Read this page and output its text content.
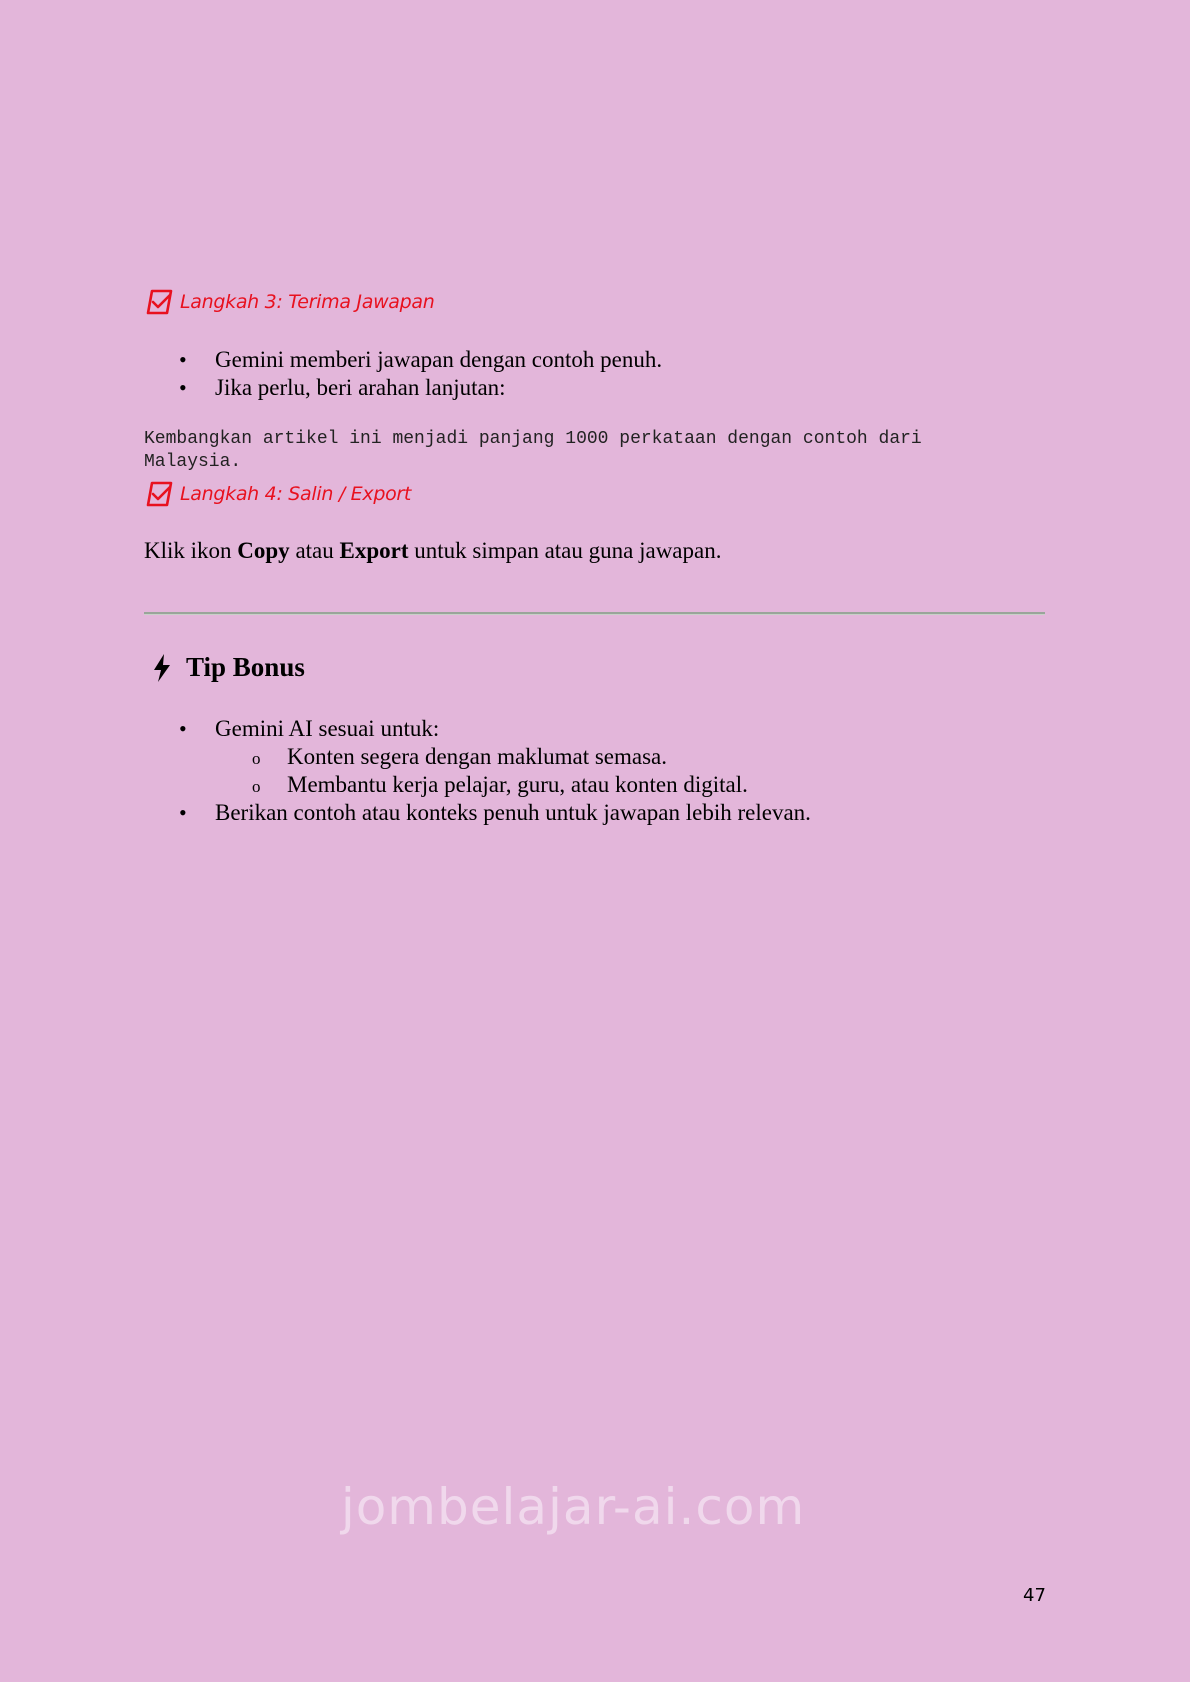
Langkah 3: Terima Jawapan
• Gemini memberi jawapan dengan contoh penuh.
• Jika perlu, beri arahan lanjutan:
Kembangkan artikel ini menjadi panjang 1000 perkataan dengan contoh dari Malaysia.
Langkah 4: Salin / Export
Klik ikon Copy atau Export untuk simpan atau guna jawapan.
Tip Bonus
• Gemini AI sesuai untuk:
o Konten segera dengan maklumat semasa.
o Membantu kerja pelajar, guru, atau konten digital.
• Berikan contoh atau konteks penuh untuk jawapan lebih relevan.
jombelajar-ai.com
47
